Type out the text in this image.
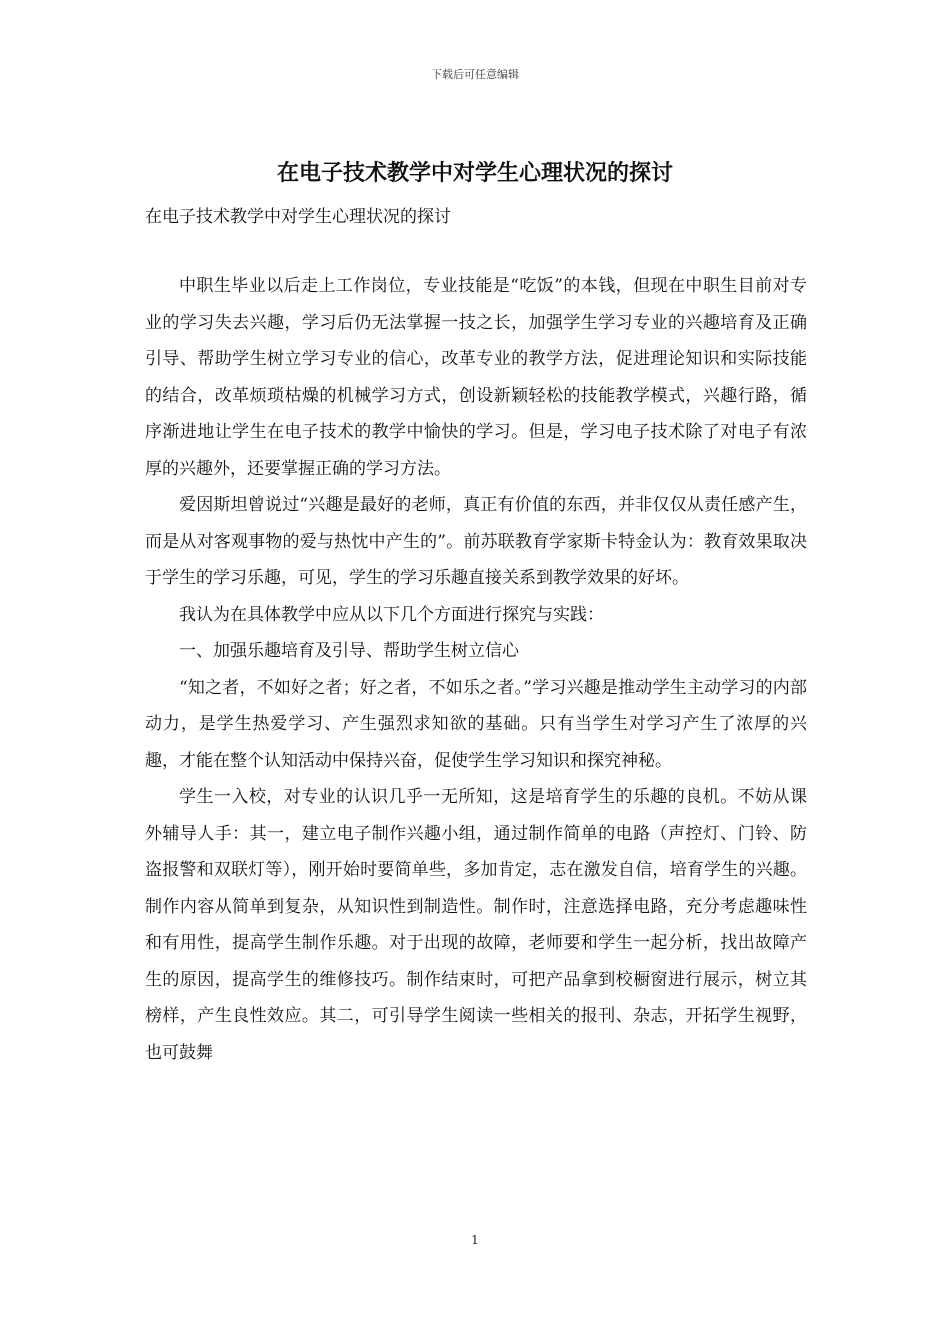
下载后可任意编辑
在电子技术教学中对学生心理状况的探讨

在电子技术教学中对学生心理状况的探讨

中职生毕业以后走上工作岗位，专业技能是“吃饭”的本钱，但现在中职生目前对专业的学习失去兴趣，学习后仍无法掌握一技之长，加强学生学习专业的兴趣培育及正确引导、帮助学生树立学习专业的信心，改革专业的教学方法，促进理论知识和实际技能的结合，改革烦琐枯燥的机械学习方式，创设新颖轻松的技能教学模式，兴趣行路，循序渐进地让学生在电子技术的教学中愉快的学习。但是，学习电子技术除了对电子有浓厚的兴趣外，还要掌握正确的学习方法。

爱因斯坦曾说过“兴趣是最好的老师，真正有价值的东西，并非仅仅从责任感产生，而是从对客观事物的爱与热忱中产生的”。前苏联教育学家斯卡特金认为：教育效果取决于学生的学习乐趣，可见，学生的学习乐趣直接关系到教学效果的好坏。

我认为在具体教学中应从以下几个方面进行探究与实践：

一、加强乐趣培育及引导、帮助学生树立信心

“知之者，不如好之者；好之者，不如乐之者。”学习兴趣是推动学生主动学习的内部动力，是学生热爱学习、产生强烈求知欲的基础。只有当学生对学习产生了浓厚的兴趣，才能在整个认知活动中保持兴奋，促使学生学习知识和探究神秘。

学生一入校，对专业的认识几乎一无所知，这是培育学生的乐趣的良机。不妨从课外辅导人手：其一，建立电子制作兴趣小组，通过制作简单的电路（声控灯、门铃、防盗报警和双联灯等），刚开始时要简单些，多加肯定，志在激发自信，培育学生的兴趣。制作内容从简单到复杂，从知识性到制造性。制作时，注意选择电路，充分考虑趣味性和有用性，提高学生制作乐趣。对于出现的故障，老师要和学生一起分析，找出故障产生的原因，提高学生的维修技巧。制作结束时，可把产品拿到校橱窗进行展示，树立其榜样，产生良性效应。其二，可引导学生阅读一些相关的报刊、杂志，开拓学生视野，也可鼓舞

1
